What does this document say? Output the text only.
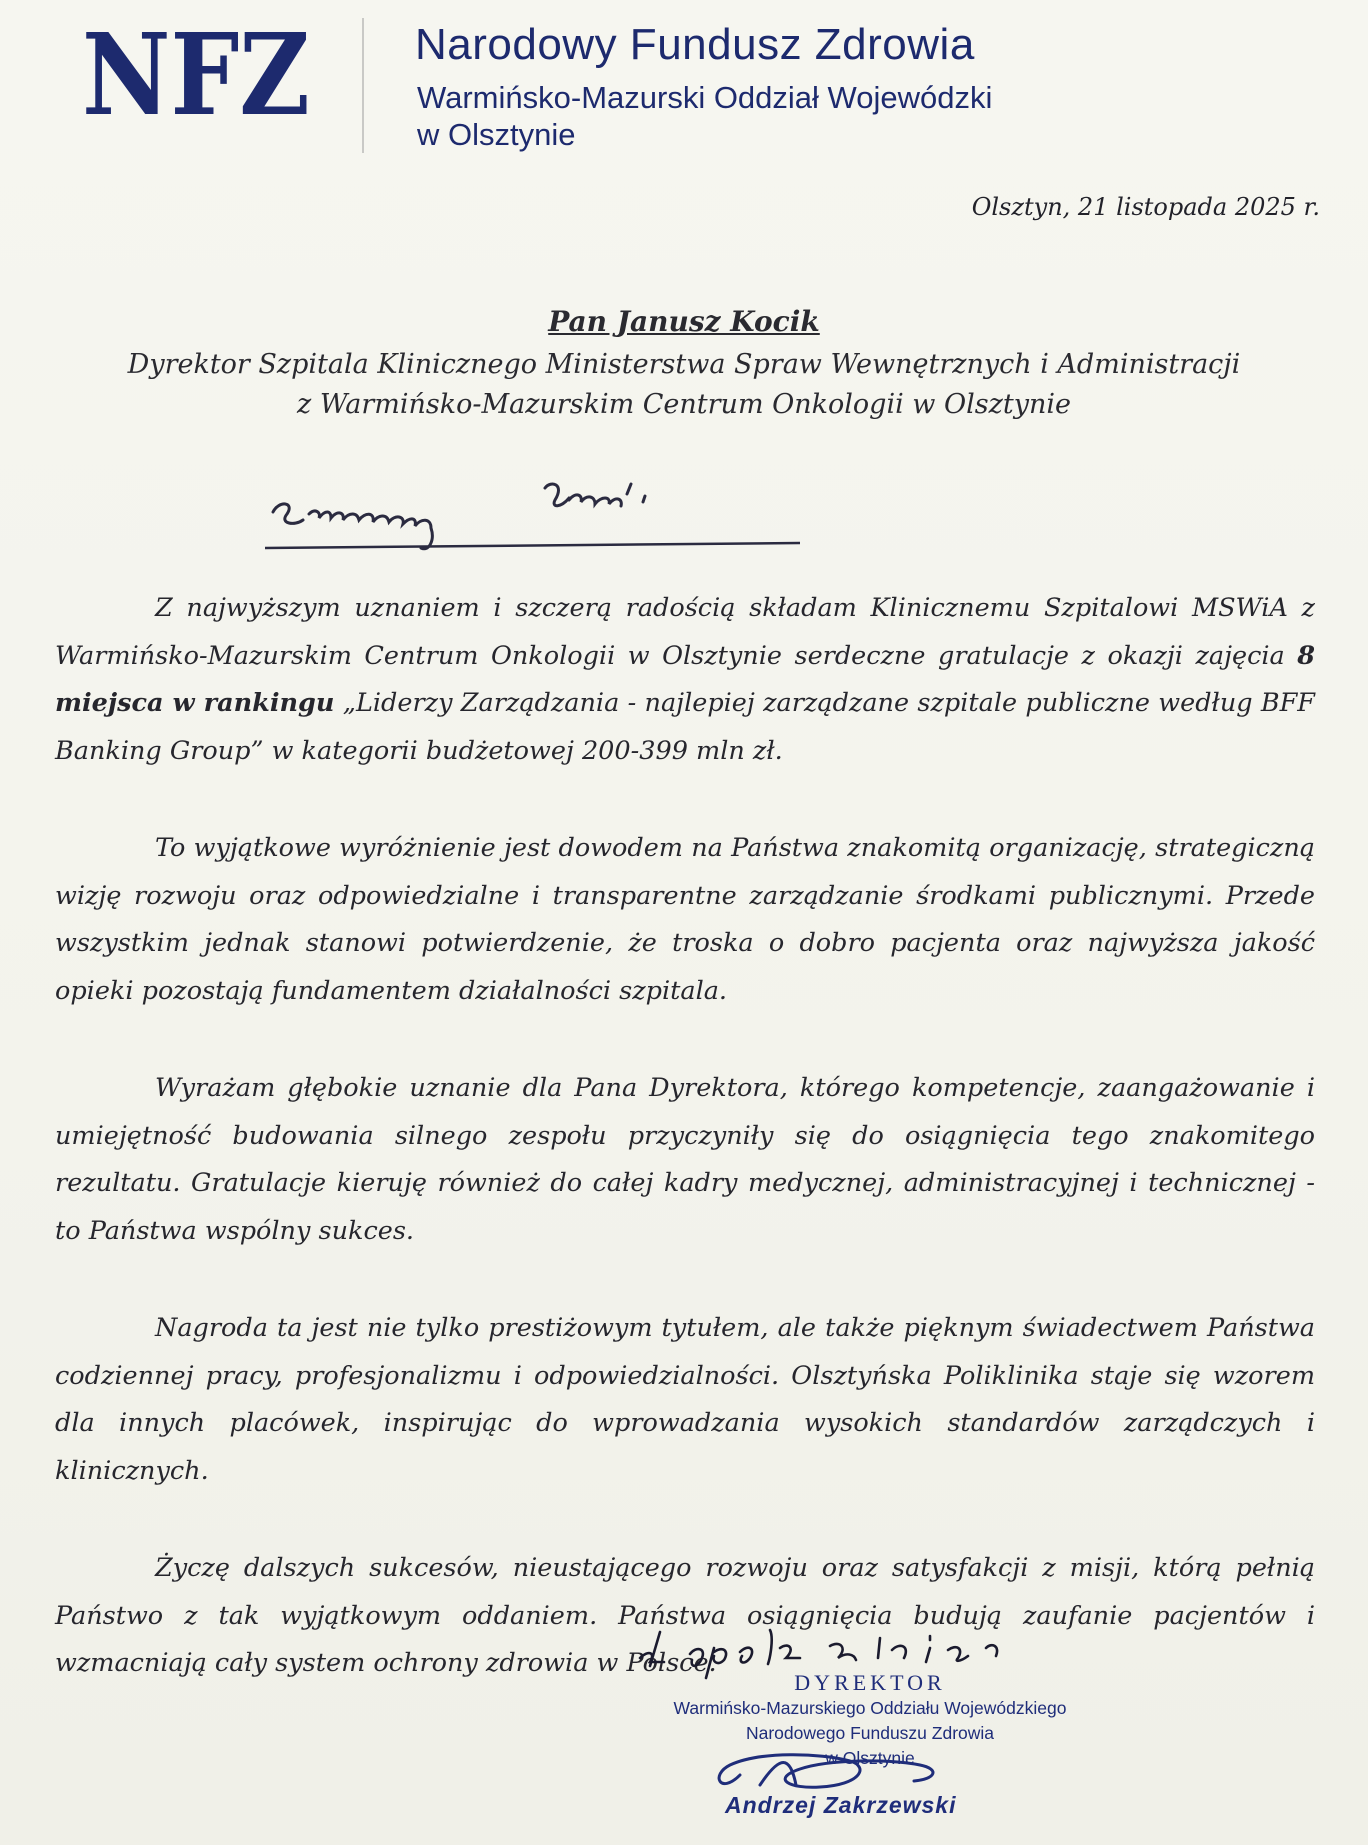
NFZ Narodowy Fundusz Zdrowia
Warmińsko-Mazurski Oddział Wojewódzki
w Olsztynie
Olsztyn, 21 listopada 2025 r.
Pan Janusz Kocik
Dyrektor Szpitala Klinicznego Ministerstwa Spraw Wewnętrznych i Administracji
z Warmińsko-Mazurskim Centrum Onkologii w Olsztynie

Z najwyższym uznaniem i szczerą radością składam Klinicznemu Szpitalowi MSWiA z Warmińsko-Mazurskim Centrum Onkologii w Olsztynie serdeczne gratulacje z okazji zajęcia 8 miejsca w rankingu „Liderzy Zarządzania - najlepiej zarządzane szpitale publiczne według BFF Banking Group” w kategorii budżetowej 200-399 mln zł.

To wyjątkowe wyróżnienie jest dowodem na Państwa znakomitą organizację, strategiczną wizję rozwoju oraz odpowiedzialne i transparentne zarządzanie środkami publicznymi. Przede wszystkim jednak stanowi potwierdzenie, że troska o dobro pacjenta oraz najwyższa jakość opieki pozostają fundamentem działalności szpitala.

Wyrażam głębokie uznanie dla Pana Dyrektora, którego kompetencje, zaangażowanie i umiejętność budowania silnego zespołu przyczyniły się do osiągnięcia tego znakomitego rezultatu. Gratulacje kieruję również do całej kadry medycznej, administracyjnej i technicznej - to Państwa wspólny sukces.

Nagroda ta jest nie tylko prestiżowym tytułem, ale także pięknym świadectwem Państwa codziennej pracy, profesjonalizmu i odpowiedzialności. Olsztyńska Poliklinika staje się wzorem dla innych placówek, inspirując do wprowadzania wysokich standardów zarządczych i klinicznych.

Życzę dalszych sukcesów, nieustającego rozwoju oraz satysfakcji z misji, którą pełnią Państwo z tak wyjątkowym oddaniem. Państwa osiągnięcia budują zaufanie pacjentów i wzmacniają cały system ochrony zdrowia w Polsce.

DYREKTOR
Warmińsko-Mazurskiego Oddziału Wojewódzkiego
Narodowego Funduszu Zdrowia
w Olsztynie
Andrzej Zakrzewski
